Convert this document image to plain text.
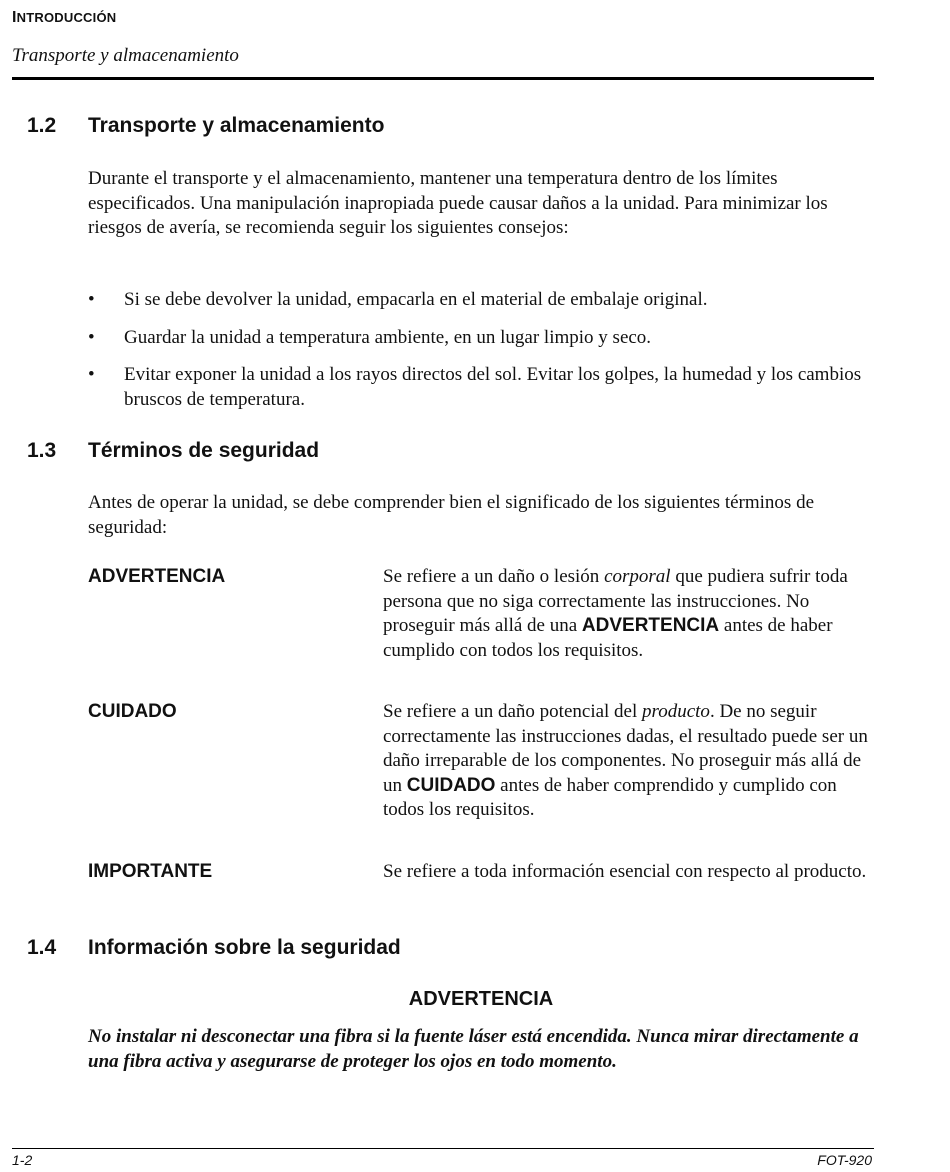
INTRODUCCIÓN
Transporte y almacenamiento
1.2 Transporte y almacenamiento
Durante el transporte y el almacenamiento, mantener una temperatura dentro de los límites especificados. Una manipulación inapropiada puede causar daños a la unidad. Para minimizar los riesgos de avería, se recomienda seguir los siguientes consejos:
•	Si se debe devolver la unidad, empacarla en el material de embalaje original.
•	Guardar la unidad a temperatura ambiente, en un lugar limpio y seco.
•	Evitar exponer la unidad a los rayos directos del sol. Evitar los golpes, la humedad y los cambios bruscos de temperatura.
1.3 Términos de seguridad
Antes de operar la unidad, se debe comprender bien el significado de los siguientes términos de seguridad:
ADVERTENCIA	Se refiere a un daño o lesión corporal que pudiera sufrir toda persona que no siga correctamente las instrucciones. No proseguir más allá de una ADVERTENCIA antes de haber cumplido con todos los requisitos.
CUIDADO	Se refiere a un daño potencial del producto. De no seguir correctamente las instrucciones dadas, el resultado puede ser un daño irreparable de los componentes. No proseguir más allá de un CUIDADO antes de haber comprendido y cumplido con todos los requisitos.
IMPORTANTE	Se refiere a toda información esencial con respecto al producto.
1.4 Información sobre la seguridad
ADVERTENCIA
No instalar ni desconectar una fibra si la fuente láser está encendida. Nunca mirar directamente a una fibra activa y asegurarse de proteger los ojos en todo momento.
1-2	FOT-920
